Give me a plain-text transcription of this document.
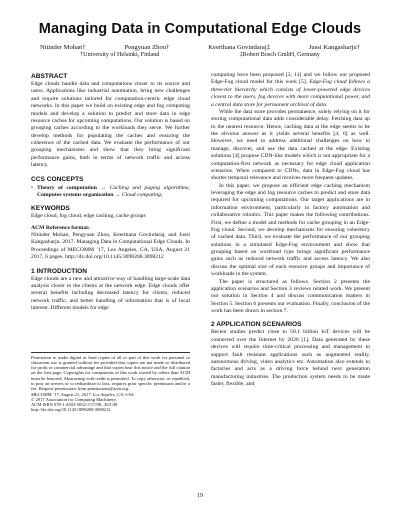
Managing Data in Computational Edge Clouds
Nitinder Mohan†	Pengyuan Zhou†	Keerthana Govindaraj‡	Jussi Kangasharju†
†University of Helsinki, Finland	‡Robert Bosch GmbH, Germany
ABSTRACT

Edge clouds handle data and computations closer to its source and users. Applications like industrial automation, bring new challenges and require solutions tailored for computation-centric edge cloud networks. In this paper we build on existing edge and fog computing models and develop a solution to predict and store data in edge resource caches for upcoming computations. Our solution is based on grouping caches according to the workloads they serve. We further develop methods for populating the caches and ensuring the coherence of the cached data. We evaluate the performance of our grouping mechanisms and show that they bring significant performance gains, both in terms of network traffic and access latency.

CCS CONCEPTS
• Theory of computation → Caching and paging algorithms; Computer systems organization → Cloud computing;
KEYWORDS

Edge cloud, fog cloud, edge caching, cache groups

ACM Reference format:

Nitinder Mohan, Pengyuan Zhou, Keerthana Govindaraj, and Jussi Kangasharju. 2017. Managing Data in Computational Edge Clouds. In Proceedings of MECOMM ’17, Los Angeles, CA, USA, August 21 2017, 6 pages. http://dx.doi.org/10.1145/3098208.3098212

1 INTRODUCTION

Edge clouds are a new and attractive way of handling large-scale data analysis closer to the clients at the network edge. Edge clouds offer several benefits including decreased latency for clients, reduced network traffic, and better handling of information that is of local interest. Different models for edge

Permission to make digital or hard copies of all or part of this work for personal or classroom use is granted without fee provided that copies are not made or distributed for profit or commercial advantage and that copies bear this notice and the full citation on the first page. Copyrights for components of this work owned by others than ACM must be honored. Abstracting with credit is permitted. To copy otherwise, or republish, to post on servers or to redistribute to lists, requires prior specific permission and/or a fee. Request permissions from permissions@acm.org.

MECOMM ’17, August 21, 2017, Los Angeles, CA, USA

© 2017 Association for Computing Machinery.

ACM ISBN 978-1-4503-5052-5/17/08...$15.00

http://dx.doi.org/10.1145/3098208.3098212

computing have been proposed [3, 11] and we follow our proposed Edge-Fog cloud model for this work [5]. Edge-Fog cloud follows a three-tier hierarchy which consists of lower-powered edge devices closest to the users, fog devices with more computational power, and a central data store for permanent archival of data.

While the data store provides permanence, solely relying on it for storing computational data adds considerable delay. Fetching data up to the nearest resource. Hence, caching data at the edge seems to be the obvious answer as it yields several benefits [4, 6] as well. However, we need to address additional challenges on how to manage, discover, and use the data cached at the edge. Existing solutions [4] propose CDN-like models which is not appropriate for a computation-first network as necessary for edge cloud application scenarios. When compared to CDNs, data in Edge-Fog cloud has shorter temporal relevance and receives more frequent updates.

In this paper, we propose an efficient edge caching mechanism leveraging the edge and fog resource caches to predict and store data required for upcoming computations. Our target applications are in information environment, particularly in factory automation and collaborative robotics. This paper makes the following contributions. First, we define a model and methods for cache grouping in an Edge-Fog cloud. Second, we develop mechanisms for ensuring coherency of cached data. Third, we evaluate the performance of our grouping solutions in a simulated Edge-Fog environment and show that grouping based on workload type brings significant performance gains such as reduced network traffic and access latency. We also discuss the optimal size of each resource groups and importance of workloads in the system.

The paper is structured as follows. Section 2 presents the application scenarios and Section 3 reviews related work. We present our solution in Section 4 and discuss communication matters in Section 5. Section 6 presents our evaluation. Finally, conclusion of the work has been drawn in section 7.

2 APPLICATION SCENARIOS

Recent studies predict close to 50.1 billion IoT devices will be connected over the Internet by 2020 [1]. Data generated by these devices will require time-critical processing and management to support fault resistant applications such as augmented reality, autonomous driving, video analytics etc. Automation also extends to factories and acts as a driving force behind next generation manufacturing industries. The production system needs to be made faster, flexible, and

19
